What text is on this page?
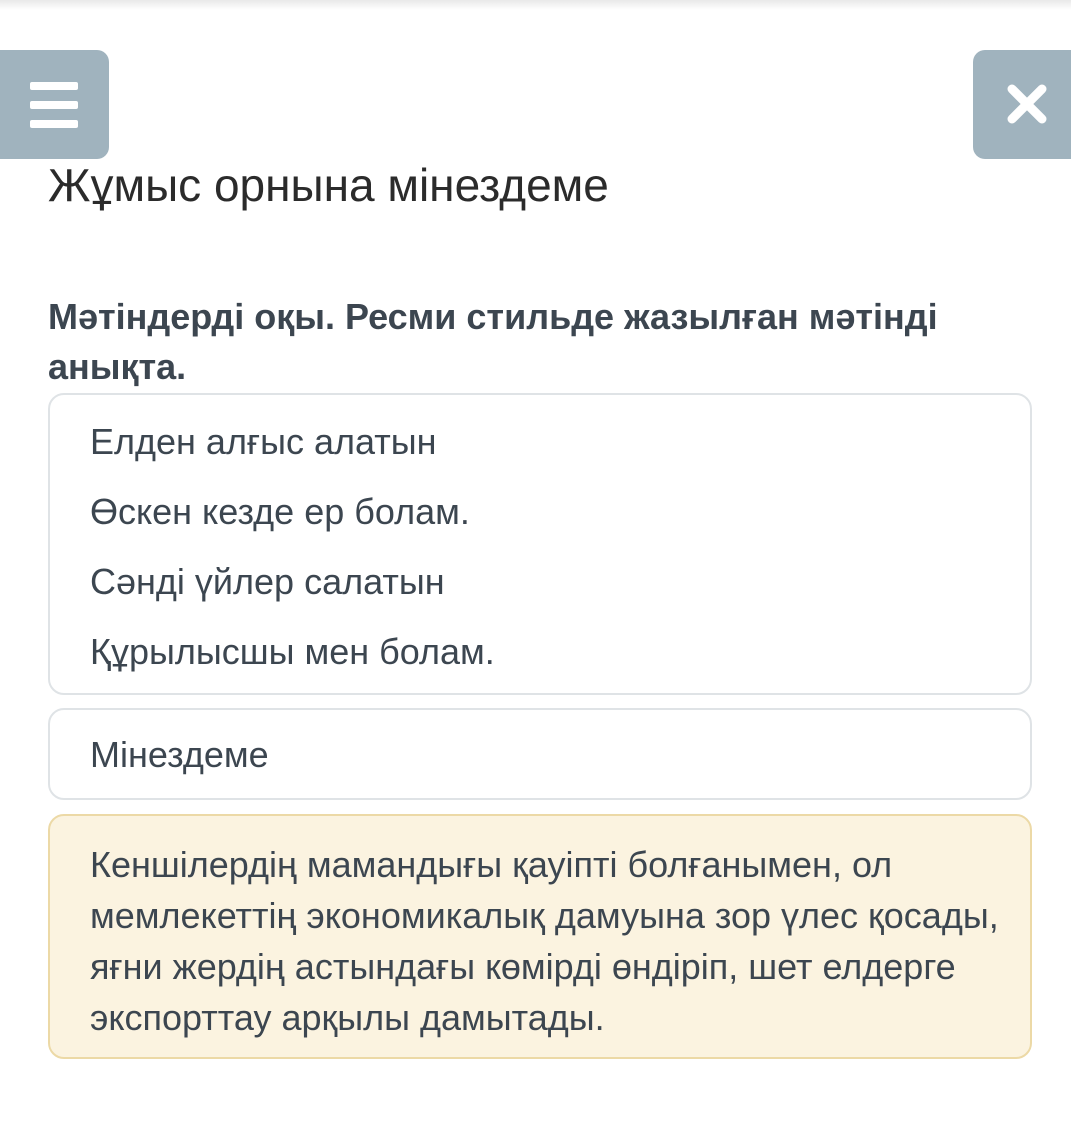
Жұмыс орнына мінездеме
Мәтіндерді оқы. Ресми стильде жазылған мәтінді анықта.
Елден алғыс алатын
Өскен кезде ер болам.
Сәнді үйлер салатын
Құрылысшы мен болам.
Мінездеме
Кеншілердің мамандығы қауіпті болғанымен, ол мемлекеттің экономикалық дамуына зор үлес қосады, яғни жердің астындағы көмірді өндіріп, шет елдерге экспорттау арқылы дамытады.
